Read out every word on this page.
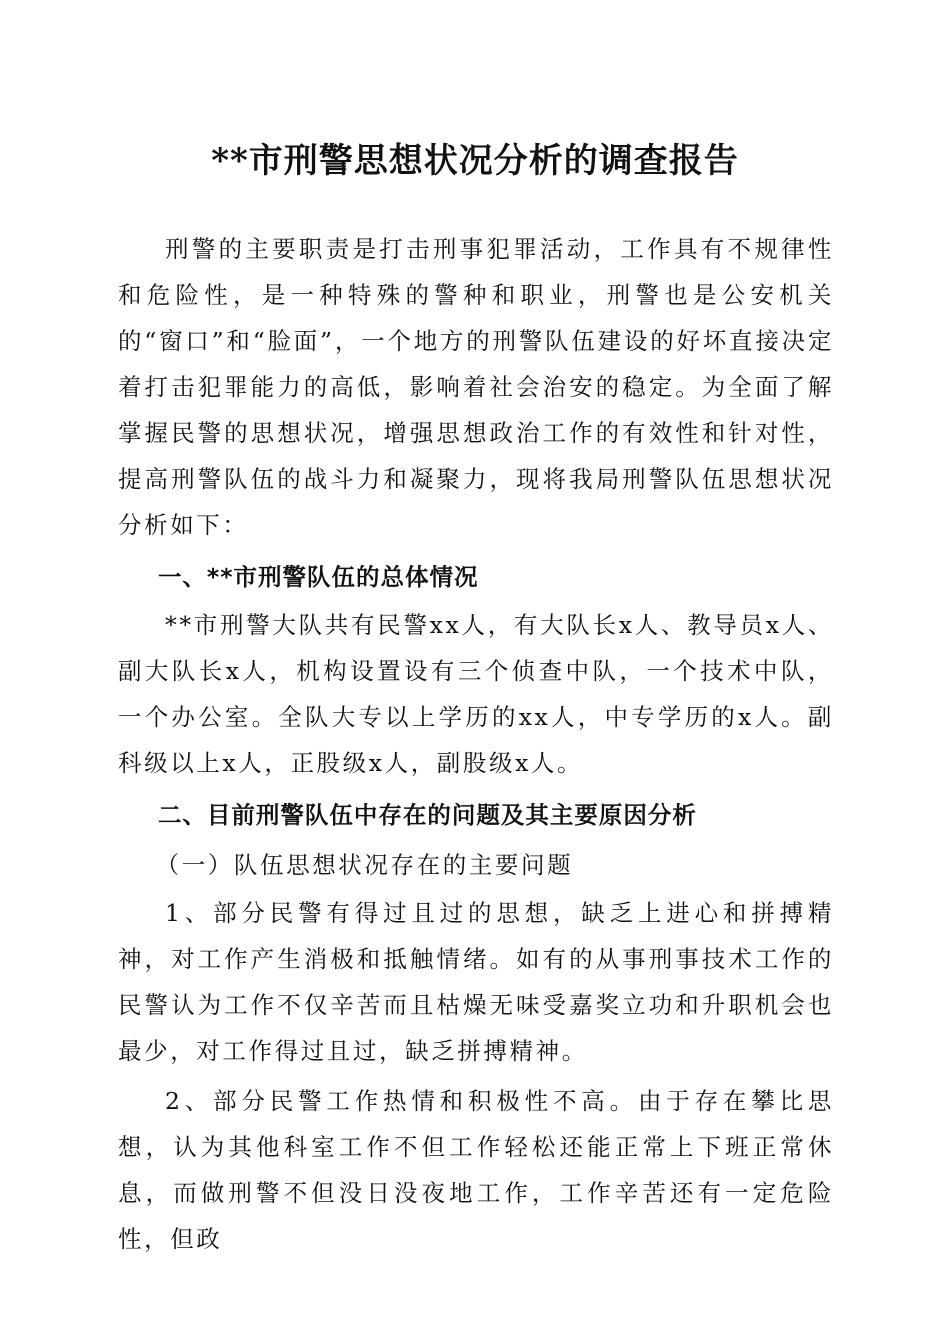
**市刑警思想状况分析的调查报告

刑警的主要职责是打击刑事犯罪活动，工作具有不规律性和危险性，是一种特殊的警种和职业，刑警也是公安机关的“窗口”和“脸面”，一个地方的刑警队伍建设的好坏直接决定着打击犯罪能力的高低，影响着社会治安的稳定。为全面了解掌握民警的思想状况，增强思想政治工作的有效性和针对性，提高刑警队伍的战斗力和凝聚力，现将我局刑警队伍思想状况分析如下：

一、**市刑警队伍的总体情况

**市刑警大队共有民警xx人，有大队长x人、教导员x人、副大队长x人，机构设置设有三个侦查中队，一个技术中队，一个办公室。全队大专以上学历的xx人，中专学历的x人。副科级以上x人，正股级x人，副股级x人。

二、目前刑警队伍中存在的问题及其主要原因分析

（一）队伍思想状况存在的主要问题

1、部分民警有得过且过的思想，缺乏上进心和拼搏精神，对工作产生消极和抵触情绪。如有的从事刑事技术工作的民警认为工作不仅辛苦而且枯燥无味受嘉奖立功和升职机会也最少，对工作得过且过，缺乏拼搏精神。

2、部分民警工作热情和积极性不高。由于存在攀比思想，认为其他科室工作不但工作轻松还能正常上下班正常休息，而做刑警不但没日没夜地工作，工作辛苦还有一定危险性，但政
